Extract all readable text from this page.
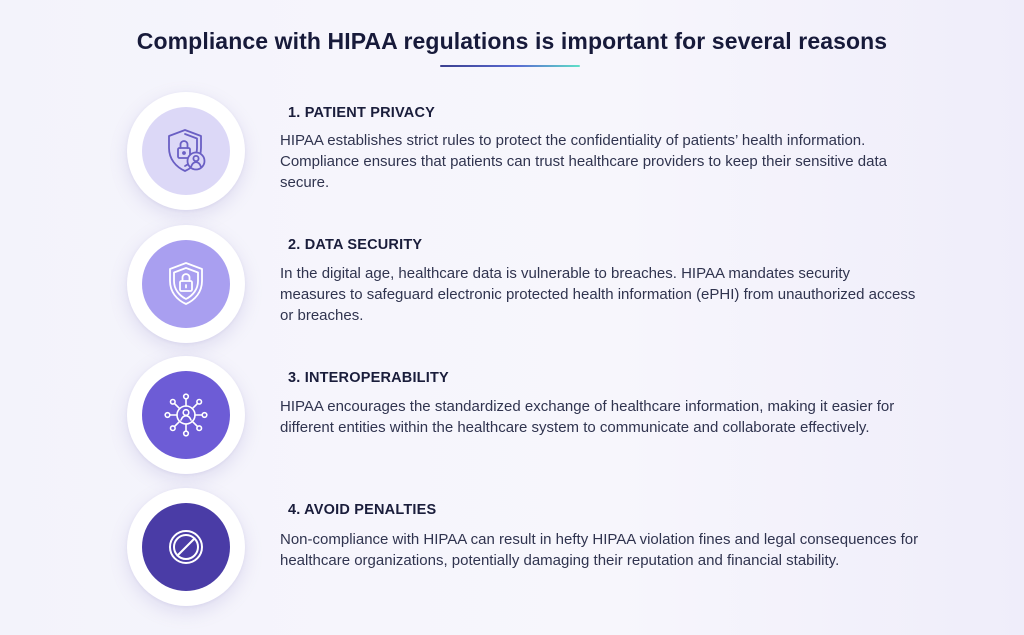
Compliance with HIPAA regulations is important for several reasons
1. PATIENT PRIVACY
HIPAA establishes strict rules to protect the confidentiality of patients’ health information. Compliance ensures that patients can trust healthcare providers to keep their sensitive data secure.
2. DATA SECURITY
In the digital age, healthcare data is vulnerable to breaches. HIPAA mandates security measures to safeguard electronic protected health information (ePHI) from unauthorized access or breaches.
3. INTEROPERABILITY
HIPAA encourages the standardized exchange of healthcare information, making it easier for different entities within the healthcare system to communicate and collaborate effectively.
4. AVOID PENALTIES
Non-compliance with HIPAA can result in hefty HIPAA violation fines and legal consequences for healthcare organizations, potentially damaging their reputation and financial stability.
